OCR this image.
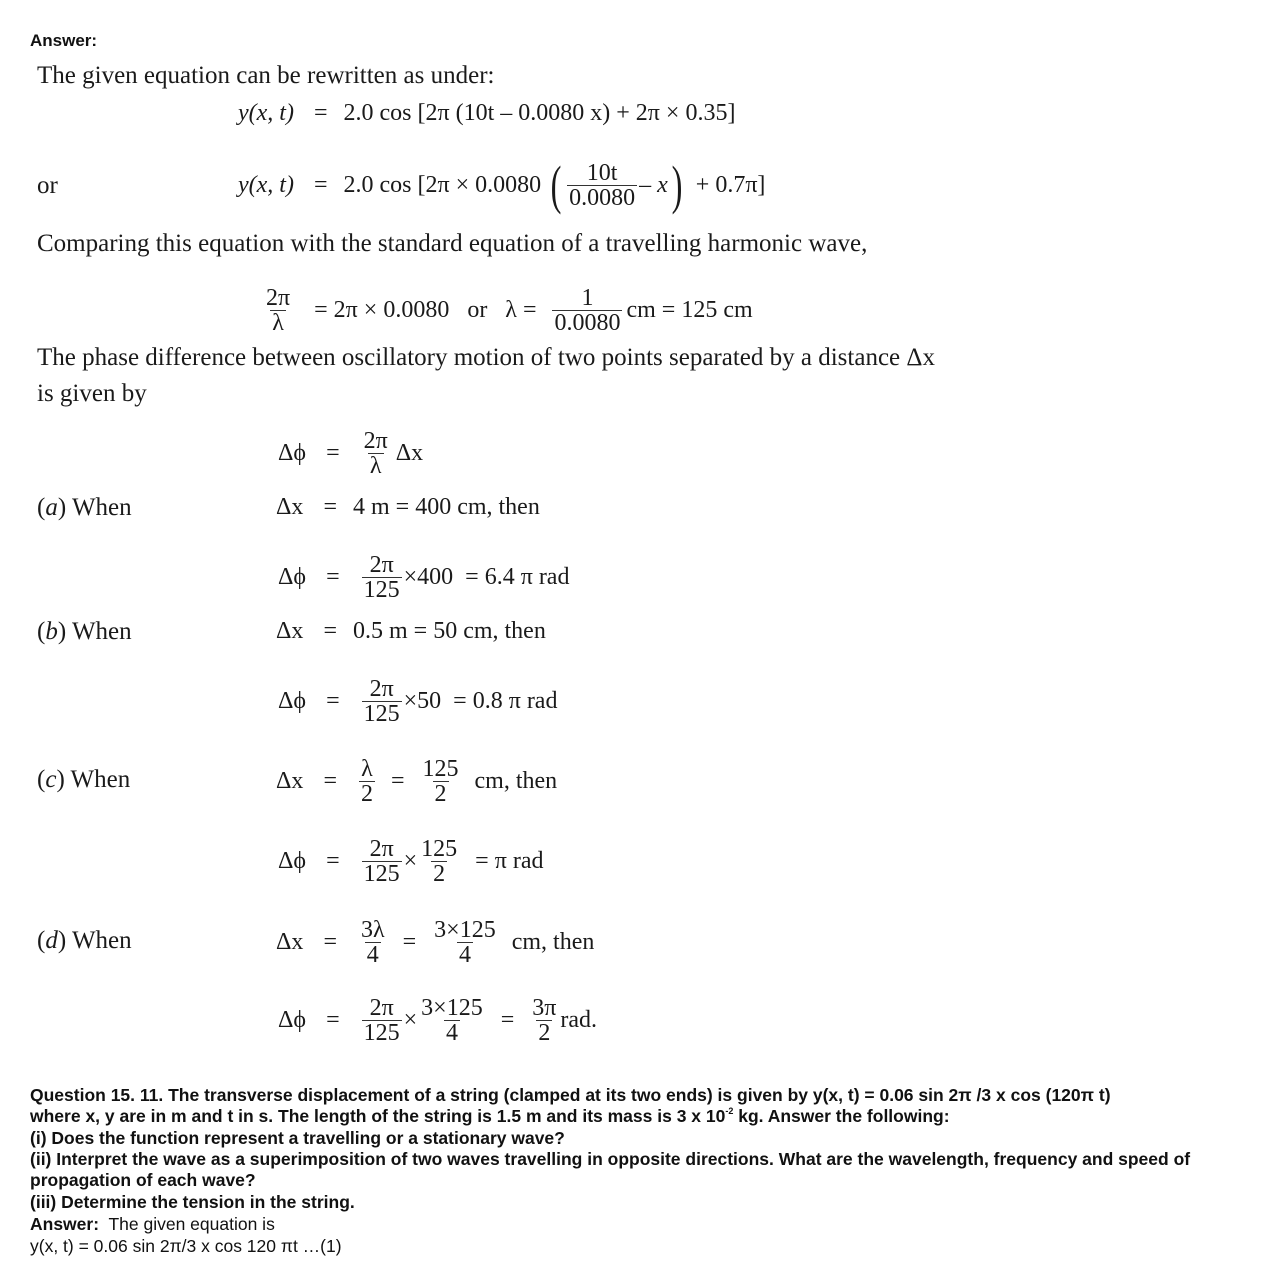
Answer:
The given equation can be rewritten as under:
y(x, t) = 2.0 cos [2π (10t – 0.0080 x) + 2π × 0.35]
or	y(x, t) = 2.0 cos [2π × 0.0080 ( $\frac{10t}{0.0080}$ – x ) + 0.7π]
Comparing this equation with the standard equation of a travelling harmonic wave,
$\frac{2\pi}{\lambda} = 2\pi \times 0.0080$   or   $\lambda = \frac{1}{0.0080}$ cm = 125 cm
The phase difference between oscillatory motion of two points separated by a distance Δx
is given by
$\Delta\phi = \frac{2\pi}{\lambda}$ Δx
(a) When	Δx = 4 m = 400 cm, then
$\Delta\phi = \frac{2\pi}{125} \times 400 = 6.4$ π rad
(b) When	Δx = 0.5 m = 50 cm, then
$\Delta\phi = \frac{2\pi}{125} \times 50 = 0.8$ π rad
(c) When	$\Delta x = \frac{\lambda}{2} = \frac{125}{2}$ cm, then
$\Delta\phi = \frac{2\pi}{125} \times \frac{125}{2} = \pi$ rad
(d) When	$\Delta x = \frac{3\lambda}{4} = \frac{3\times 125}{4}$ cm, then
$\Delta\phi = \frac{2\pi}{125} \times \frac{3\times 125}{4} = \frac{3\pi}{2}$ rad.
Question 15. 11. The transverse displacement of a string (clamped at its two ends) is given by y(x, t) = 0.06 sin 2π /3 x cos (120π t)
where x, y are in m and t in s. The length of the string is 1.5 m and its mass is 3 x $10^{-2}$ kg. Answer the following:
(i) Does the function represent a travelling or a stationary wave?
(ii) Interpret the wave as a superimposition of two waves travelling in opposite directions. What are the wavelength, frequency and speed of
propagation of each wave?
(iii) Determine the tension in the string.
Answer:  The given equation is
y(x, t) = 0.06 sin 2π/3 x cos 120 πt …(1)
